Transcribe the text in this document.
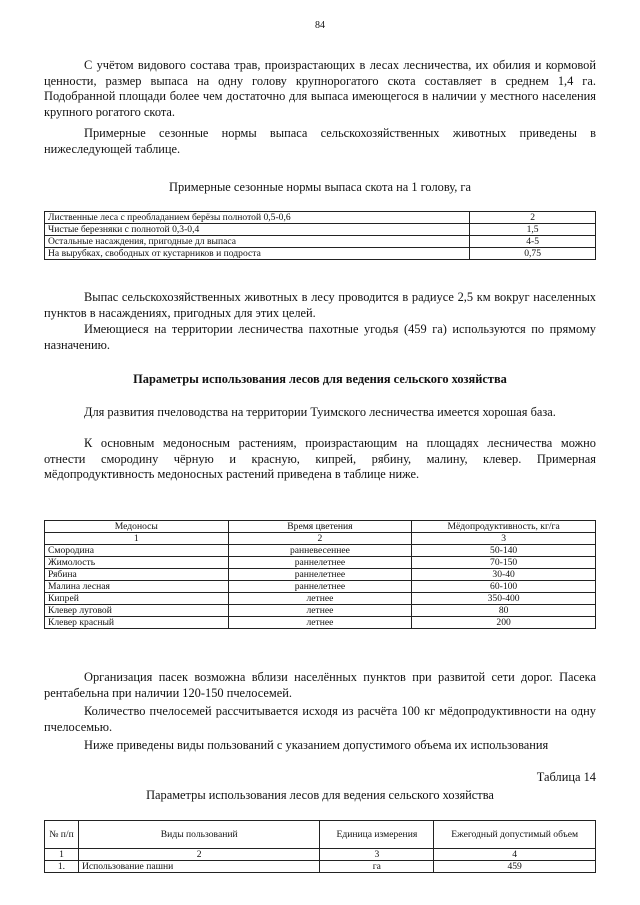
84

С учётом видового состава трав, произрастающих в лесах лесничества, их обилия и кормовой ценности, размер выпаса на одну голову крупнорогатого скота составляет в среднем 1,4 га. Подобранной площади более чем достаточно для выпаса имеющегося в наличии у местного населения крупного рогатого скота.

Примерные сезонные нормы выпаса сельскохозяйственных животных приведены в нижеследующей таблице.

Примерные сезонные нормы выпаса скота на 1 голову, га

Лиственные леса с преобладанием берёзы полнотой 0,5-0,6	2
Чистые березняки с полнотой 0,3-0,4	1,5
Остальные насаждения, пригодные дл выпаса	4-5
На вырубках, свободных от кустарников и подроста	0,75

Выпас сельскохозяйственных животных в лесу проводится в радиусе 2,5 км вокруг населенных пунктов в насаждениях, пригодных для этих целей.

Имеющиеся на территории лесничества пахотные угодья (459 га) используются по прямому назначению.

Параметры использования лесов для ведения сельского хозяйства

Для развития пчеловодства на территории Туимского лесничества имеется хорошая база.

К основным медоносным растениям, произрастающим на площадях лесничества можно отнести смородину чёрную и красную, кипрей, рябину, малину, клевер. Примерная мёдопродуктивность медоносных растений приведена в таблице ниже.

Медоносы	Время цветения	Мёдопродуктивность, кг/га
1	2	3
Смородина	ранневесеннее	50-140
Жимолость	раннелетнее	70-150
Рябина	раннелетнее	30-40
Малина лесная	раннелетнее	60-100
Кипрей	летнее	350-400
Клевер луговой	летнее	80
Клевер красный	летнее	200

Организация пасек возможна вблизи населённых пунктов при развитой сети дорог. Пасека рентабельна при наличии 120-150 пчелосемей.

Количество пчелосемей рассчитывается исходя из расчёта 100 кг мёдопродуктивности на одну пчелосемью.

Ниже приведены виды пользований с указанием допустимого объема их использования

Таблица 14

Параметры использования лесов для ведения сельского хозяйства

№ п/п	Виды пользований	Единица измерения	Ежегодный допустимый объем
1	2	3	4
1.	Использование пашни	га	459
